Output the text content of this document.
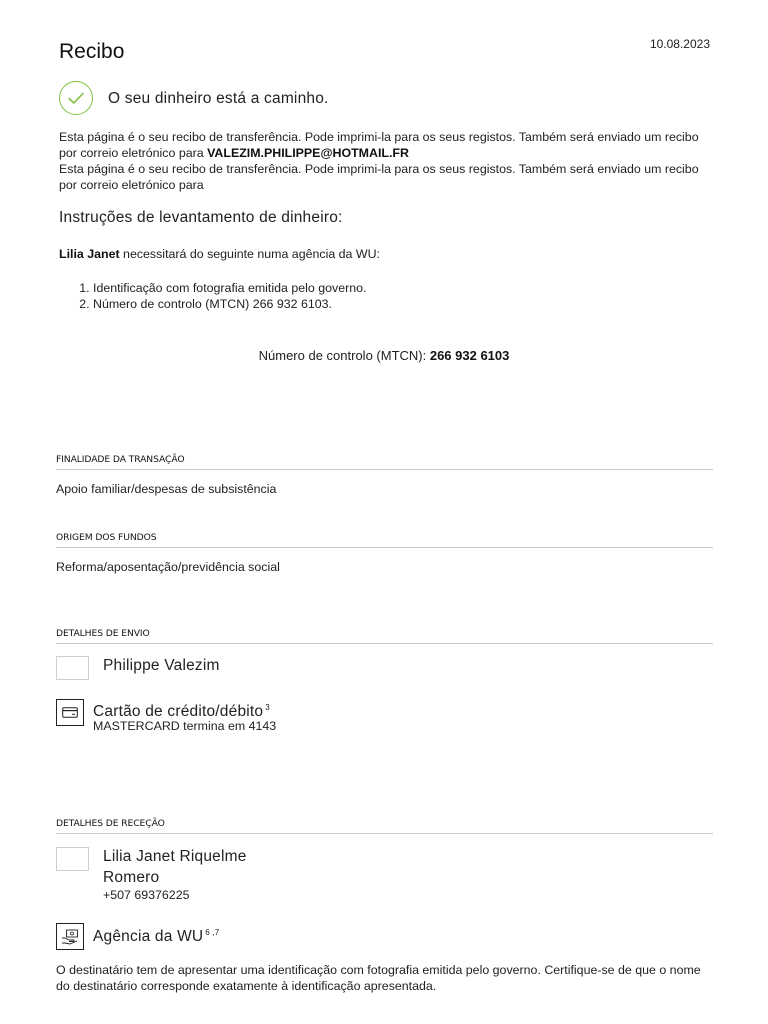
Recibo	10.08.2023
O seu dinheiro está a caminho.
Esta página é o seu recibo de transferência. Pode imprimi-la para os seus registos. Também será enviado um recibo por correio eletrónico para VALEZIM.PHILIPPE@HOTMAIL.FR
Esta página é o seu recibo de transferência. Pode imprimi-la para os seus registos. Também será enviado um recibo por correio eletrónico para
Instruções de levantamento de dinheiro:
Lilia Janet necessitará do seguinte numa agência da WU:
1. Identificação com fotografia emitida pelo governo.
2. Número de controlo (MTCN) 266 932 6103.
Número de controlo (MTCN): 266 932 6103
FINALIDADE DA TRANSAÇÃO
Apoio familiar/despesas de subsistência
ORIGEM DOS FUNDOS
Reforma/aposentação/previdência social
DETALHES DE ENVIO
Philippe Valezim
Cartão de crédito/débito $^3$
MASTERCARD termina em 4143
DETALHES DE RECEÇÃO
Lilia Janet Riquelme
Romero
+507 69376225
Agência da WU $^{6 ,7}$
O destinatário tem de apresentar uma identificação com fotografia emitida pelo governo. Certifique-se de que o nome do destinatário corresponde exatamente à identificação apresentada.
